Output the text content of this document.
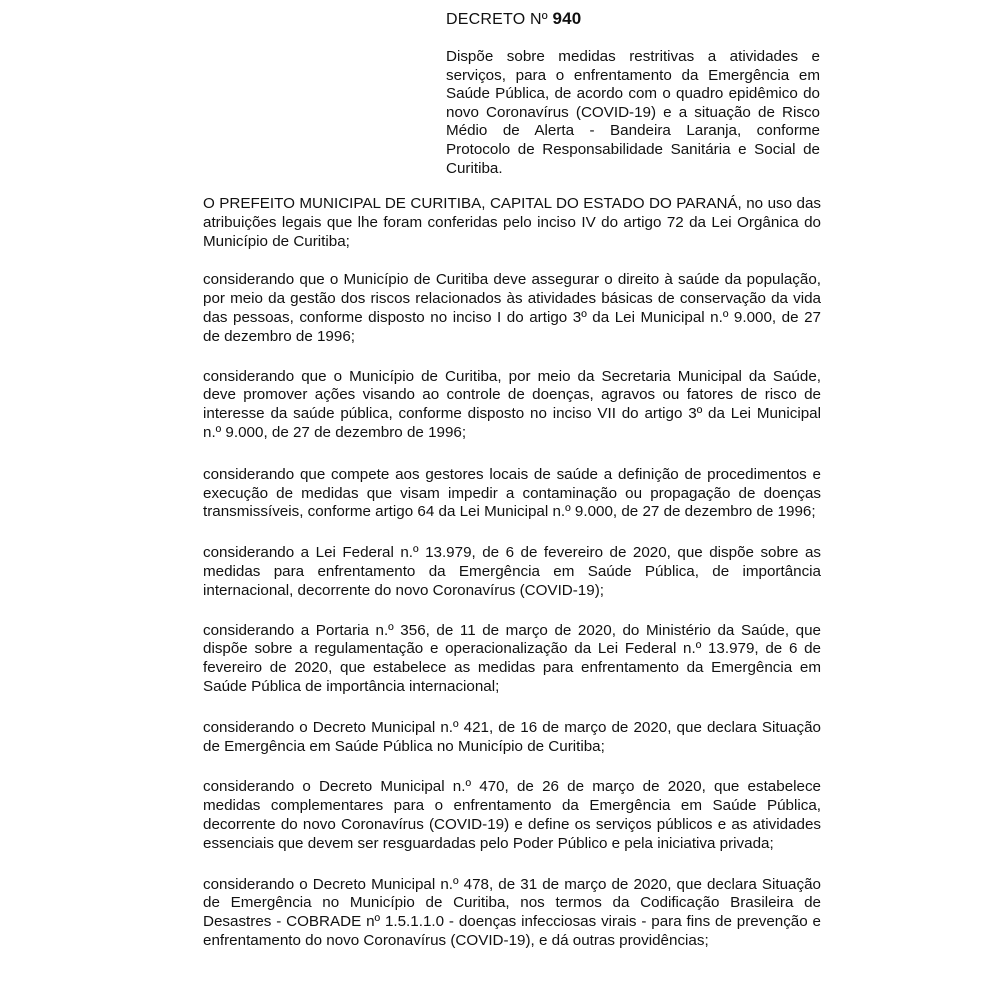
DECRETO Nº 940

Dispõe sobre medidas restritivas a atividades e serviços, para o enfrentamento da Emergência em Saúde Pública, de acordo com o quadro epidêmico do novo Coronavírus (COVID-19) e a situação de Risco Médio de Alerta - Bandeira Laranja, conforme Protocolo de Responsabilidade Sanitária e Social de Curitiba.

O PREFEITO MUNICIPAL DE CURITIBA, CAPITAL DO ESTADO DO PARANÁ, no uso das atribuições legais que lhe foram conferidas pelo inciso IV do artigo 72 da Lei Orgânica do Município de Curitiba;

considerando que o Município de Curitiba deve assegurar o direito à saúde da população, por meio da gestão dos riscos relacionados às atividades básicas de conservação da vida das pessoas, conforme disposto no inciso I do artigo 3º da Lei Municipal n.º 9.000, de 27 de dezembro de 1996;

considerando que o Município de Curitiba, por meio da Secretaria Municipal da Saúde, deve promover ações visando ao controle de doenças, agravos ou fatores de risco de interesse da saúde pública, conforme disposto no inciso VII do artigo 3º da Lei Municipal n.º 9.000, de 27 de dezembro de 1996;

considerando que compete aos gestores locais de saúde a definição de procedimentos e execução de medidas que visam impedir a contaminação ou propagação de doenças transmissíveis, conforme artigo 64 da Lei Municipal n.º 9.000, de 27 de dezembro de 1996;

considerando a Lei Federal n.º 13.979, de 6 de fevereiro de 2020, que dispõe sobre as medidas para enfrentamento da Emergência em Saúde Pública, de importância internacional, decorrente do novo Coronavírus (COVID-19);

considerando a Portaria n.º 356, de 11 de março de 2020, do Ministério da Saúde, que dispõe sobre a regulamentação e operacionalização da Lei Federal n.º 13.979, de 6 de fevereiro de 2020, que estabelece as medidas para enfrentamento da Emergência em Saúde Pública de importância internacional;

considerando o Decreto Municipal n.º 421, de 16 de março de 2020, que declara Situação de Emergência em Saúde Pública no Município de Curitiba;

considerando o Decreto Municipal n.º 470, de 26 de março de 2020, que estabelece medidas complementares para o enfrentamento da Emergência em Saúde Pública, decorrente do novo Coronavírus (COVID-19) e define os serviços públicos e as atividades essenciais que devem ser resguardadas pelo Poder Público e pela iniciativa privada;

considerando o Decreto Municipal n.º 478, de 31 de março de 2020, que declara Situação de Emergência no Município de Curitiba, nos termos da Codificação Brasileira de Desastres - COBRADE nº 1.5.1.1.0 - doenças infecciosas virais - para fins de prevenção e enfrentamento do novo Coronavírus (COVID-19), e dá outras providências;
